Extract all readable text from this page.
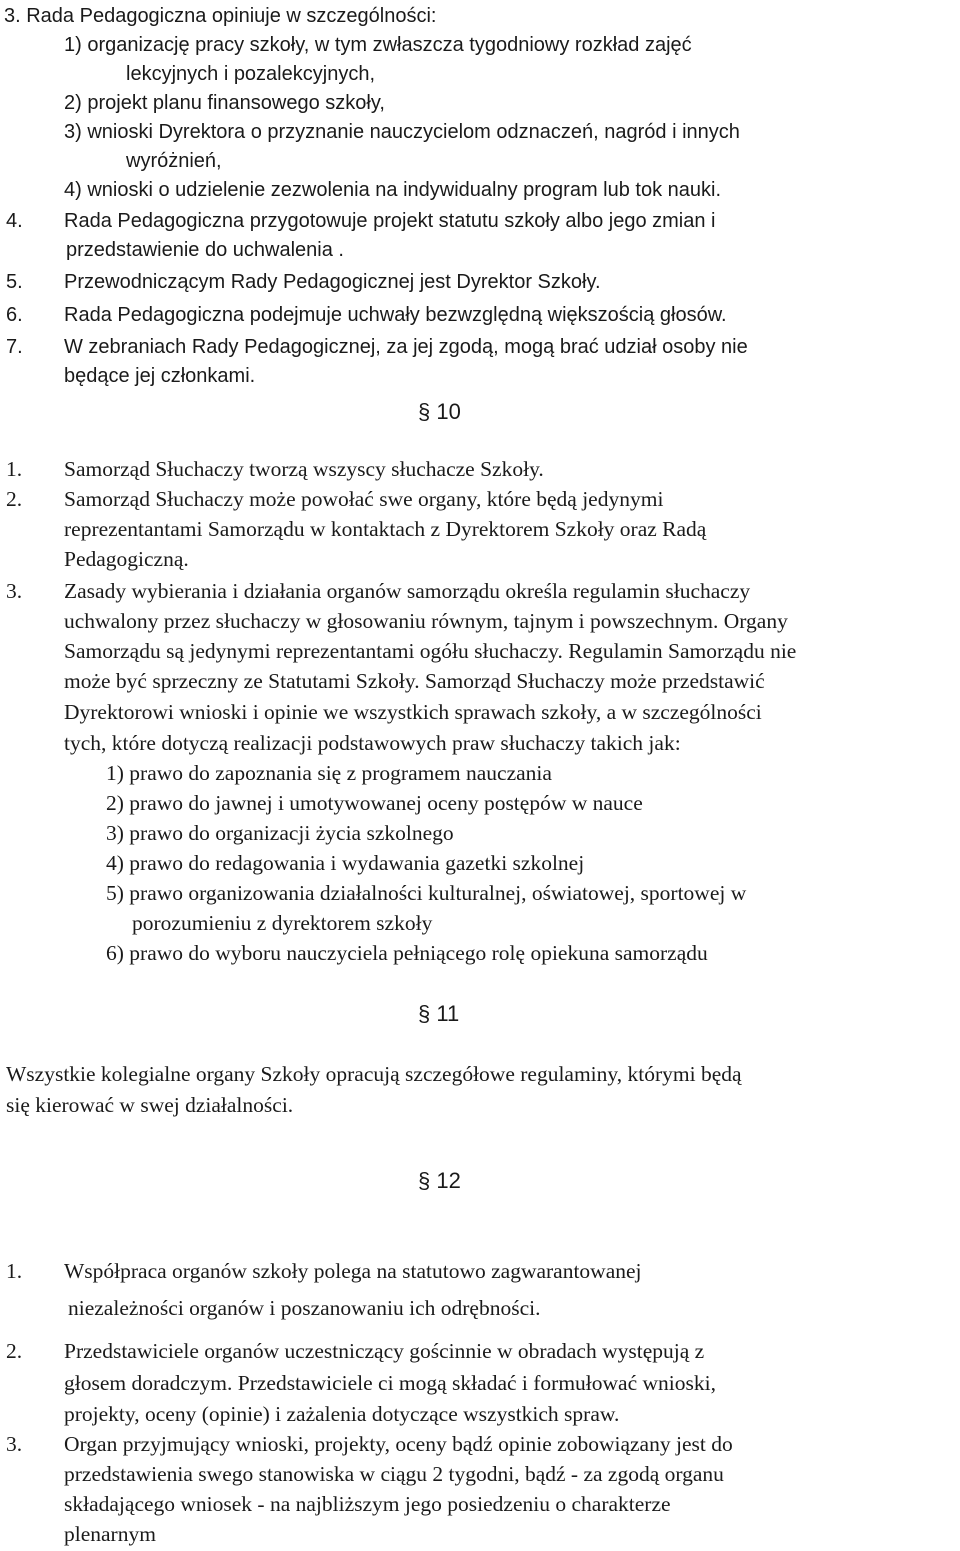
3. Rada Pedagogiczna opiniuje w szczególności:
1) organizację pracy szkoły, w tym zwłaszcza tygodniowy rozkład zajęć
lekcyjnych i pozalekcyjnych,
2) projekt planu finansowego szkoły,
3) wnioski Dyrektora o przyznanie nauczycielom odznaczeń, nagród i innych
wyróżnień,
4) wnioski o udzielenie zezwolenia na indywidualny program lub tok nauki.
4. Rada Pedagogiczna przygotowuje projekt statutu szkoły albo jego zmian i
przedstawienie do uchwalenia .
5. Przewodniczącym Rady Pedagogicznej jest Dyrektor Szkoły.
6. Rada Pedagogiczna podejmuje uchwały bezwzględną większością głosów.
7. W zebraniach Rady Pedagogicznej, za jej zgodą, mogą brać udział osoby nie
będące jej członkami.
§ 10
1. Samorząd Słuchaczy tworzą wszyscy słuchacze Szkoły.
2. Samorząd Słuchaczy może powołać swe organy, które będą jedynymi
reprezentantami Samorządu w kontaktach z Dyrektorem Szkoły oraz Radą
Pedagogiczną.
3. Zasady wybierania i działania organów samorządu określa regulamin słuchaczy
uchwalony przez słuchaczy w głosowaniu równym, tajnym i powszechnym. Organy
Samorządu są jedynymi reprezentantami ogółu słuchaczy. Regulamin Samorządu nie
może być sprzeczny ze Statutami Szkoły. Samorząd Słuchaczy może przedstawić
Dyrektorowi wnioski i opinie we wszystkich sprawach szkoły, a w szczególności
tych, które dotyczą realizacji podstawowych praw słuchaczy takich jak:
1) prawo do zapoznania się z programem nauczania
2) prawo do jawnej i umotywowanej oceny postępów w nauce
3) prawo do organizacji życia szkolnego
4) prawo do redagowania i wydawania gazetki szkolnej
5) prawo organizowania działalności kulturalnej, oświatowej, sportowej w
porozumieniu z dyrektorem szkoły
6) prawo do wyboru nauczyciela pełniącego rolę opiekuna samorządu
§ 11
Wszystkie kolegialne organy Szkoły opracują szczegółowe regulaminy, którymi będą
się kierować w swej działalności.
§ 12
1. Współpraca organów szkoły polega na statutowo zagwarantowanej
niezależności organów i poszanowaniu ich odrębności.
2. Przedstawiciele organów uczestniczący gościnnie w obradach występują z
głosem doradczym. Przedstawiciele ci mogą składać i formułować wnioski,
projekty, oceny (opinie) i zażalenia dotyczące wszystkich spraw.
3. Organ przyjmujący wnioski, projekty, oceny bądź opinie zobowiązany jest do
przedstawienia swego stanowiska w ciągu 2 tygodni, bądź - za zgodą organu
składającego wniosek - na najbliższym jego posiedzeniu o charakterze
plenarnym
